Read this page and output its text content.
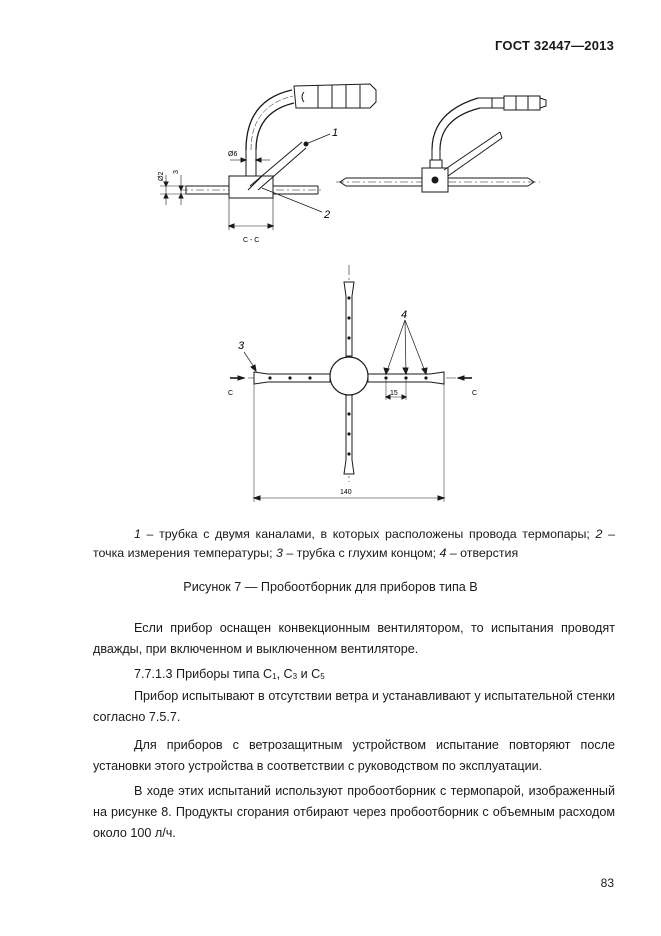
ГОСТ 32447—2013
1
2
3
4
Ø6
Ø2 3
С - С
С	С
15
140
1 – трубка с двумя каналами, в которых расположены провода термопары; 2 – точка измерения температуры; 3 – трубка с глухим концом; 4 – отверстия
Рисунок 7 — Пробоотборник для приборов типа В
Если прибор оснащен конвекционным вентилятором, то испытания проводят дважды, при включенном и выключенном вентиляторе.
7.7.1.3 Приборы типа $С_1$, $С_3$ и $С_5$
Прибор испытывают в отсутствии ветра и устанавливают у испытательной стенки согласно 7.5.7.
Для приборов с ветрозащитным устройством испытание повторяют после установки этого устройства в соответствии с руководством по эксплуатации.
В ходе этих испытаний используют пробоотборник с термопарой, изображенный на рисунке 8. Продукты сгорания отбирают через пробоотборник с объемным расходом около 100 л/ч.
83
